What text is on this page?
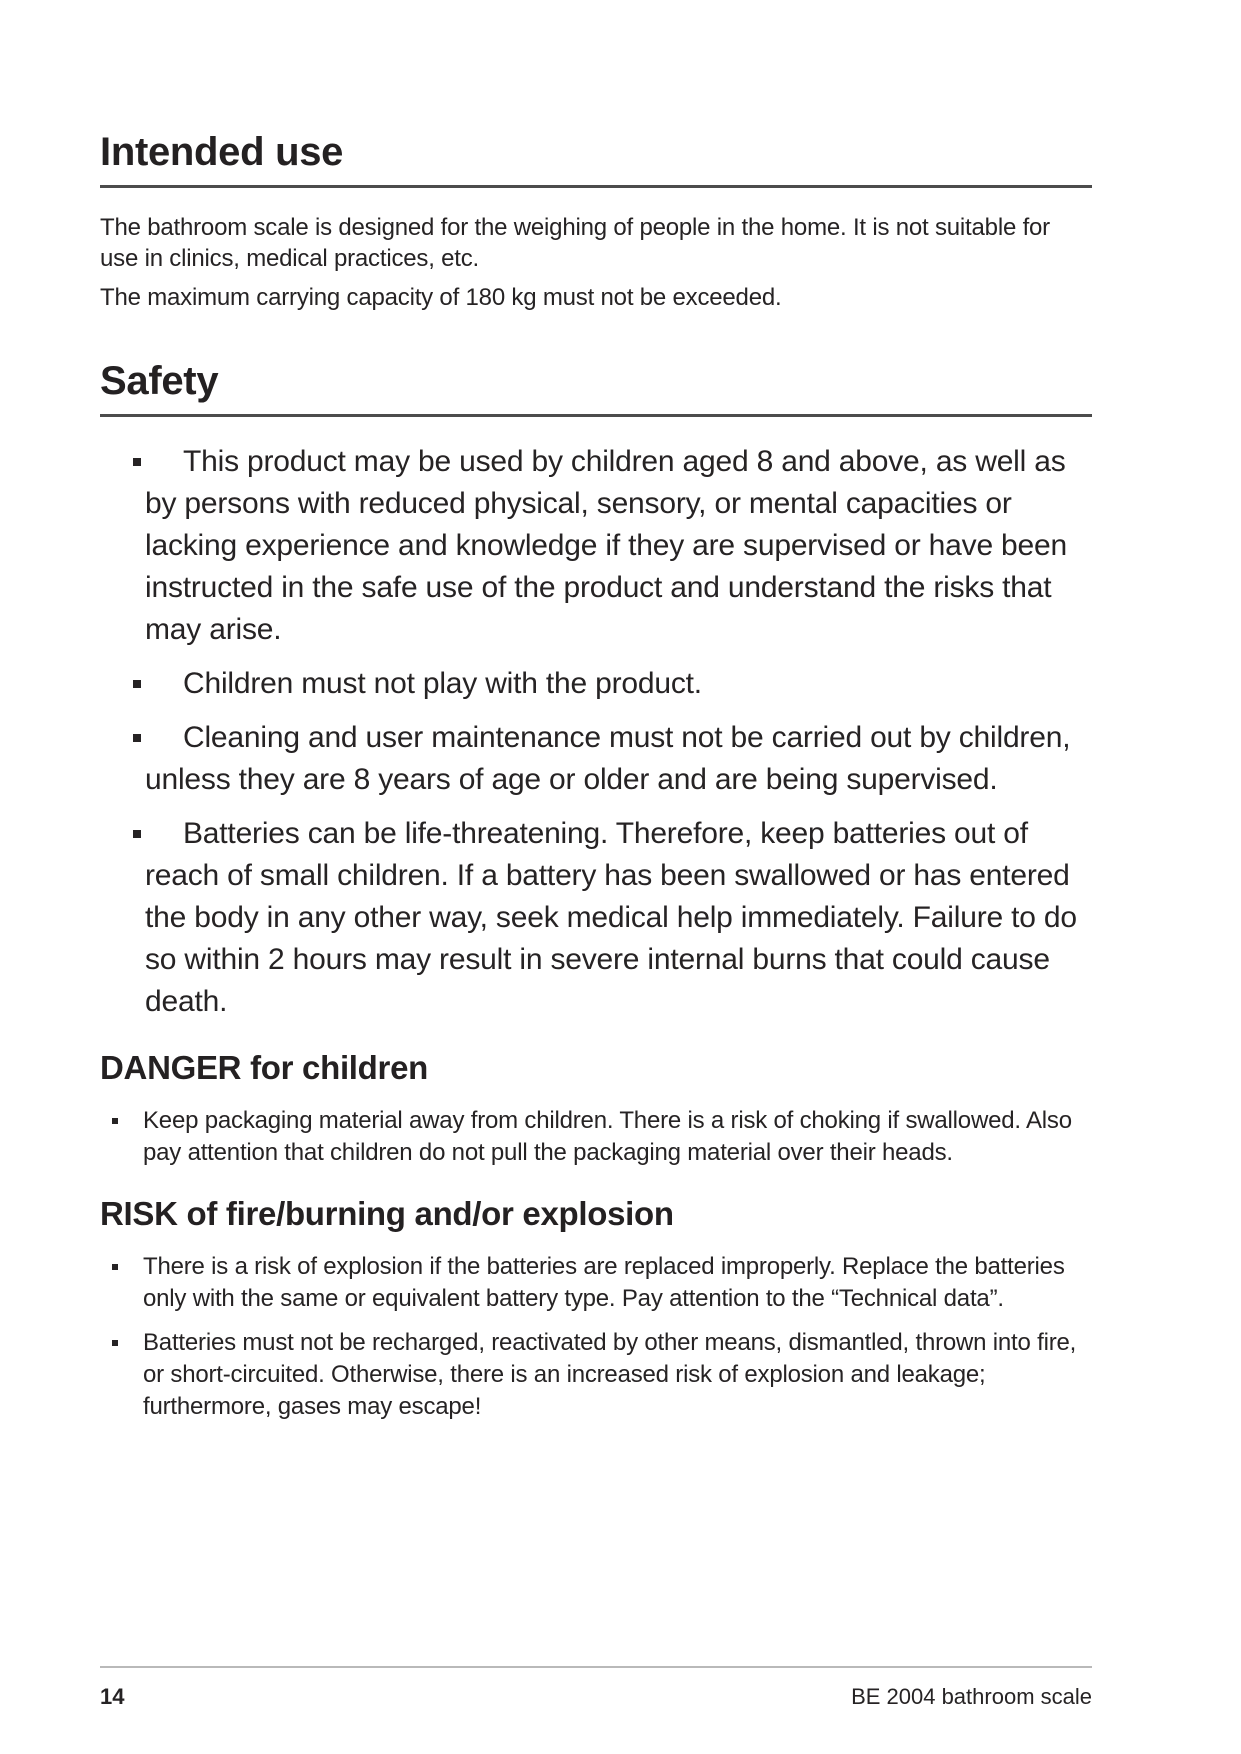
Intended use

The bathroom scale is designed for the weighing of people in the home. It is not suitable for use in clinics, medical practices, etc.

The maximum carrying capacity of 180 kg must not be exceeded.

Safety
This product may be used by children aged 8 and above, as well as by persons with reduced physical, sensory, or mental capacities or lacking experience and knowledge if they are supervised or have been instructed in the safe use of the product and understand the risks that may arise.
Children must not play with the product.
Cleaning and user maintenance must not be carried out by children, unless they are 8 years of age or older and are being supervised.
Batteries can be life-threatening. Therefore, keep batteries out of reach of small children. If a battery has been swallowed or has entered the body in any other way, seek medical help immediately. Failure to do so within 2 hours may result in severe internal burns that could cause death.
DANGER for children
Keep packaging material away from children. There is a risk of choking if swallowed. Also pay attention that children do not pull the packaging material over their heads.
RISK of fire/burning and/or explosion
There is a risk of explosion if the batteries are replaced improperly. Replace the batteries only with the same or equivalent battery type. Pay attention to the “Technical data”.
Batteries must not be recharged, reactivated by other means, dismantled, thrown into fire, or short-circuited. Otherwise, there is an increased risk of explosion and leakage; furthermore, gases may escape!
14	BE 2004 bathroom scale
